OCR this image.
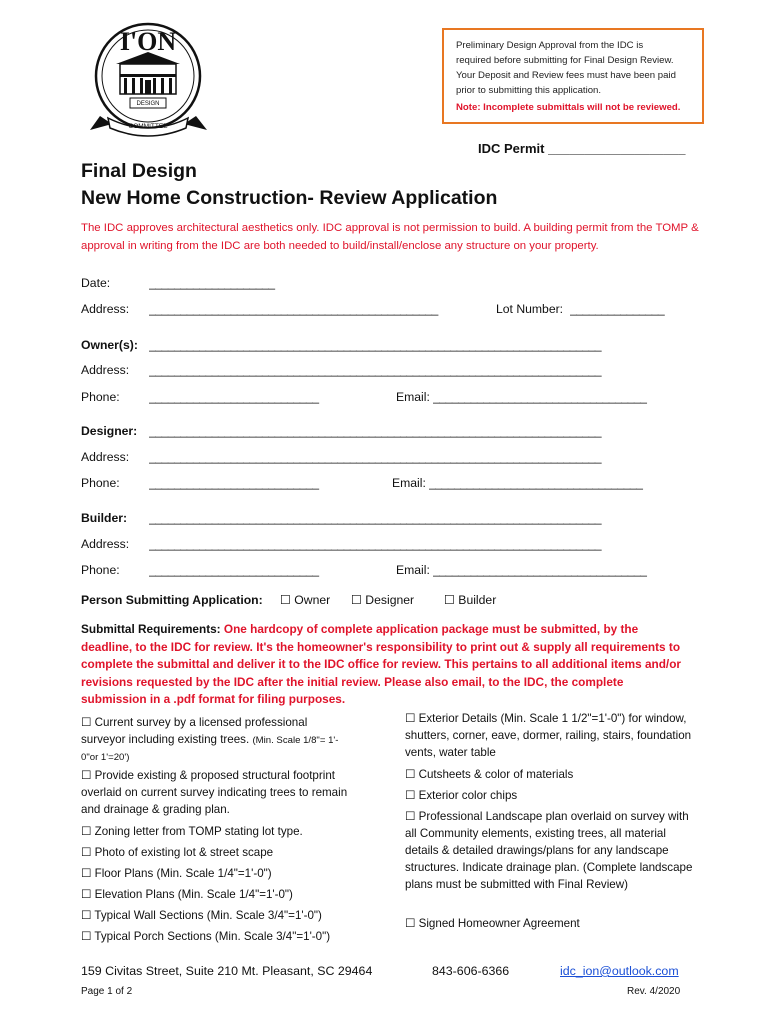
I'ON
DESIGN
COMMITTEE
Preliminary Design Approval from the IDC is
required before submitting for Final Design Review.
Your Deposit and Review fees must have been paid
prior to submitting this application.
Note: Incomplete submittals will not be reviewed.
IDC Permit ___________________
Final Design
New Home Construction- Review Application
The IDC approves architectural aesthetics only. IDC approval is not permission to build. A building permit from the TOMP & approval in writing from the IDC are both needed to build/install/enclose any structure on your property.
Date:	____________________
Address: ______________________________________________	Lot Number: _______________
Owner(s): ________________________________________________________________________
Address: ________________________________________________________________________
Phone: ___________________________	Email: __________________________________
Designer: ________________________________________________________________________
Address: ________________________________________________________________________
Phone: ___________________________	Email: __________________________________
Builder: ________________________________________________________________________
Address: ________________________________________________________________________
Phone: ___________________________	Email: __________________________________
Person Submitting Application: ☐ Owner ☐ Designer ☐ Builder
Submittal Requirements: One hardcopy of complete application package must be submitted, by the deadline, to the IDC for review. It's the homeowner's responsibility to print out & supply all requirements to complete the submittal and deliver it to the IDC office for review. This pertains to all additional items and/or revisions requested by the IDC after the initial review. Please also email, to the IDC, the complete submission in a .pdf format for filing purposes.
☐ Current survey by a licensed professional
surveyor including existing trees. (Min. Scale 1/8"= 1'-
0"or 1'=20')
☐ Provide existing & proposed structural footprint overlaid on current survey indicating trees to remain and drainage & grading plan.
☐ Zoning letter from TOMP stating lot type.
☐ Photo of existing lot & street scape
☐ Floor Plans (Min. Scale 1/4"=1'-0")
☐ Elevation Plans (Min. Scale 1/4"=1'-0")
☐ Typical Wall Sections (Min. Scale 3/4"=1'-0")
☐ Typical Porch Sections (Min. Scale 3/4"=1'-0")
☐ Exterior Details (Min. Scale 1 1/2"=1'-0") for window, shutters, corner, eave, dormer, railing, stairs, foundation vents, water table
☐ Cutsheets & color of materials
☐ Exterior color chips
☐ Professional Landscape plan overlaid on survey with all Community elements, existing trees, all material details & detailed drawings/plans for any landscape structures. Indicate drainage plan. (Complete landscape plans must be submitted with Final Review)
☐ Signed Homeowner Agreement
159 Civitas Street, Suite 210 Mt. Pleasant, SC 29464	843-606-6366	idc_ion@outlook.com
Page 1 of 2	Rev. 4/2020
